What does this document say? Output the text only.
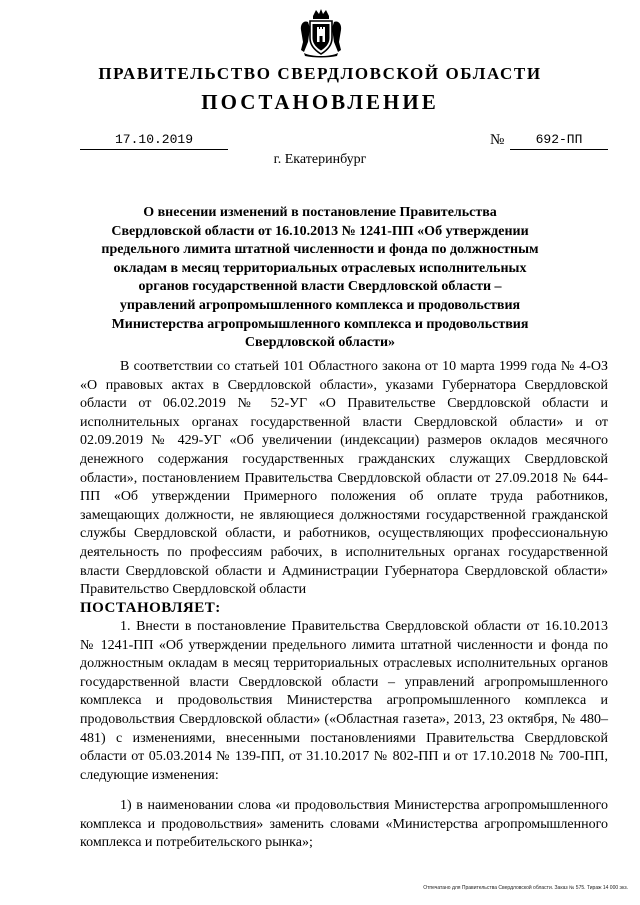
ПРАВИТЕЛЬСТВО СВЕРДЛОВСКОЙ ОБЛАСТИ
ПОСТАНОВЛЕНИЕ
17.10.2019	№	692-ПП
г. Екатеринбург
О внесении изменений в постановление Правительства Свердловской области от 16.10.2013 № 1241-ПП «Об утверждении предельного лимита штатной численности и фонда по должностным окладам в месяц территориальных отраслевых исполнительных органов государственной власти Свердловской области – управлений агропромышленного комплекса и продовольствия Министерства агропромышленного комплекса и продовольствия Свердловской области»
В соответствии со статьей 101 Областного закона от 10 марта 1999 года № 4-ОЗ «О правовых актах в Свердловской области», указами Губернатора Свердловской области от 06.02.2019 № 52-УГ «О Правительстве Свердловской области и исполнительных органах государственной власти Свердловской области» и от 02.09.2019 № 429-УГ «Об увеличении (индексации) размеров окладов месячного денежного содержания государственных гражданских служащих Свердловской области», постановлением Правительства Свердловской области от 27.09.2018 № 644-ПП «Об утверждении Примерного положения об оплате труда работников, замещающих должности, не являющиеся должностями государственной гражданской службы Свердловской области, и работников, осуществляющих профессиональную деятельность по профессиям рабочих, в исполнительных органах государственной власти Свердловской области и Администрации Губернатора Свердловской области» Правительство Свердловской области
ПОСТАНОВЛЯЕТ:
1. Внести в постановление Правительства Свердловской области от 16.10.2013 № 1241-ПП «Об утверждении предельного лимита штатной численности и фонда по должностным окладам в месяц территориальных отраслевых исполнительных органов государственной власти Свердловской области – управлений агропромышленного комплекса и продовольствия Министерства агропромышленного комплекса и продовольствия Свердловской области» («Областная газета», 2013, 23 октября, № 480–481) с изменениями, внесенными постановлениями Правительства Свердловской области от 05.03.2014 № 139-ПП, от 31.10.2017 № 802-ПП и от 17.10.2018 № 700-ПП, следующие изменения:
1) в наименовании слова «и продовольствия Министерства агропромышленного комплекса и продовольствия» заменить словами «Министерства агропромышленного комплекса и потребительского рынка»;
Отпечатано для Правительства Свердловской области. Заказ № 575. Тираж 14 000 экз.
